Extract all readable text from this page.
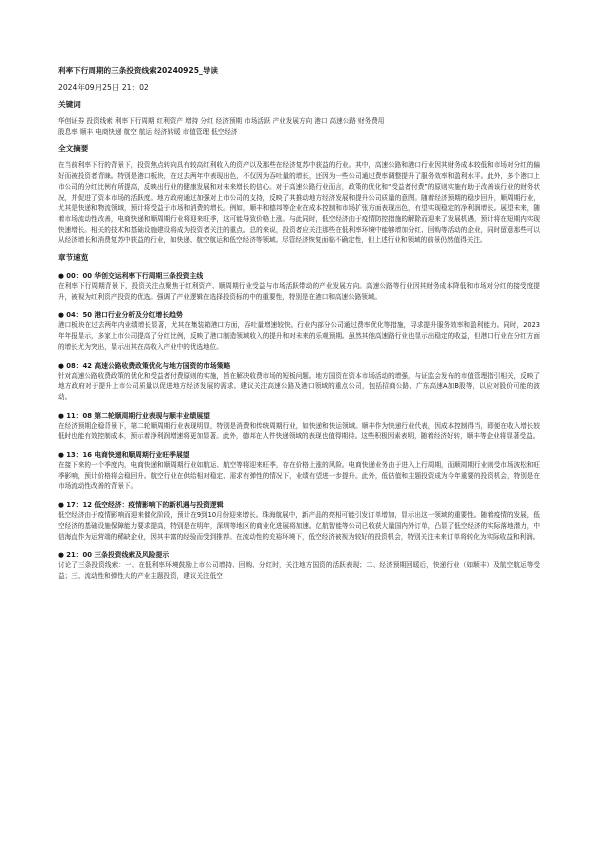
利率下行周期的三条投资线索20240925_导读

2024年09月25日 21：02

关键词

华创证券 投资线索 利率下行周期 红利资产 增持 分红 经济预期 市场活跃 产业发展方向 港口 高速公路 财务费用

股息率 顺丰 电商快递 航空 航运 经济转暖 市值管理 低空经济

全文摘要

在当前利率下行的背景下，投资焦点转向具有较高红利收入的资产以及那些在经济复苏中获益的行业。其中，高速公路和港口行业因其财务成本较低和市场对分红的偏好而被投资者青睐。特别是港口板块，在过去两年中表现出色，不仅因为吞吐量的增长，还因为一些公司通过费率调整提升了服务效率和盈利水平。此外，多个港口上市公司的分红比例有所提高，反映出行业的健康发展和对未来增长的信心。对于高速公路行业而言，政策的优化和“受益者付费”的原则实施有助于改善该行业的财务状况，并促进了资本市场的活跃度。地方政府通过加强对上市公司的支持，反映了其推动地方经济发展和提升公司质量的意图。随着经济预期的稳步回升，顺周期行业，尤其是快递和物流领域，预计将受益于市场和消费的增长。例如，顺丰和德邦等企业在成本控制和市场扩张方面表现出色，有望实现稳定的净利润增长。展望未来，随着市场流动性改善，电商快递和顺周期行业将迎来旺季，这可能导致价格上涨。与此同时，低空经济由于疫情防控措施的解除而迎来了发展机遇，预计将在短期内实现快速增长。相关的技术和基础设施建设将成为投资者关注的重点。总的来说，投资者应关注那些在低利率环境中能够增加分红、回购等活动的企业，同时留意那些可以从经济增长和消费复苏中获益的行业，如快递、航空航运和低空经济等领域。尽管经济恢复面临不确定性，但上述行业和领域的前景仍然值得关注。

章节速览
● 00：00 华创交运利率下行周期三条投资主线

在利率下行周期背景下，投资关注点聚焦于红利资产、顺周期行业受益与市场活跃带动的产业发展方向。高速公路等行业因其财务成本降低和市场对分红的接受度提升，被视为红利资产投资的优选。强调了产业逻辑在选择投资标的中的重要性，特别是在港口和高速公路领域。

● 04：50 港口行业分析及分红增长趋势

港口板块在过去两年内业绩增长显著，尤其在集装箱港口方面，吞吐量增速较快。行业内部分公司通过费率优化等措施，寻求提升服务效率和盈利能力。同时，2023年年报显示，多家上市公司提高了分红比例，反映了港口制造领域收入的提升和对未来的乐观预期。虽然其他高速路行业也显示出稳定的收益，但港口行业在分红方面的增长尤为突出，显示出其在高收入产业中的优选地位。

● 08：42 高速公路收费政策优化与地方国资的市场策略

针对高速公路收费政策的优化和受益者付费原则的实施，旨在解决收费市场的短板问题。地方国资在资本市场活动的增强，与证监会发布的市值管理指引相关，反映了地方政府对于提升上市公司质量以促进地方经济发展的需求。建议关注高速公路及港口领域的重点公司，包括招商公路、广东高速A加B股等，以应对股价可能的波动。

● 11：08 第二轮顺周期行业表现与顺丰业绩展望

在经济预期企稳背景下，第二轮顺周期行业表现明显，特别是消费和传统周期行业，如快递和快运领域。顺丰作为快递行业代表，因成本控制得当，即便在收入增长较低时也能有效控制成本，预示着净利润增速将更加显著。此外，德邦在人件快递领域的表现也值得期待。这些积极因素表明，随着经济好转，顺丰等企业将显著受益。

● 13：16 电商快递和顺周期行业旺季展望

在接下来的一个季度内，电商快递和顺周期行业如航运、航空等将迎来旺季，存在价格上涨的风险。电商快递业务由于进入上行周期，而顺周期行业则受市场波松和旺季影响，预计价格将会稳回升。航空行业在供给相对稳定、需求有弹性的情况下，业绩有望进一步提升。此外，低估值和主题投资成为今年重要的投资机会，特别是在市场流动性改善的背景下。

● 17：12 低空经济：疫情影响下的新机遇与投资逻辑

低空经济由于疫情影响而迎来催化阶段，预计在9到10月份迎来增长。珠海航展中，新产品的亮相可能引发订单增加，显示出这一领域的重要性。随着疫情的发展，低空经济的基础设施保障能力要求提高，特别是在明年，深圳等地区的商业化进展将加速。亿航智能等公司已收获大量国内外订单，凸显了低空经济的实际落地潜力，中信海直作为运营端的稀缺企业，因其丰富的经验而受到推荐。在流动性的充裕环境下，低空经济被视为较好的投资机会，特别关注未来订单将转化为实际收益和利润。

● 21：00 三条投资线索及风险提示

讨论了三条投资线索：一、在低利率环境鼓励上市公司增持、回购、分红时，关注地方国资的活跃表现；二、经济预期回暖后，快递行业（如顺丰）及航空航运等受益；三、流动性和弹性大的产业主题投资，建议关注低空
